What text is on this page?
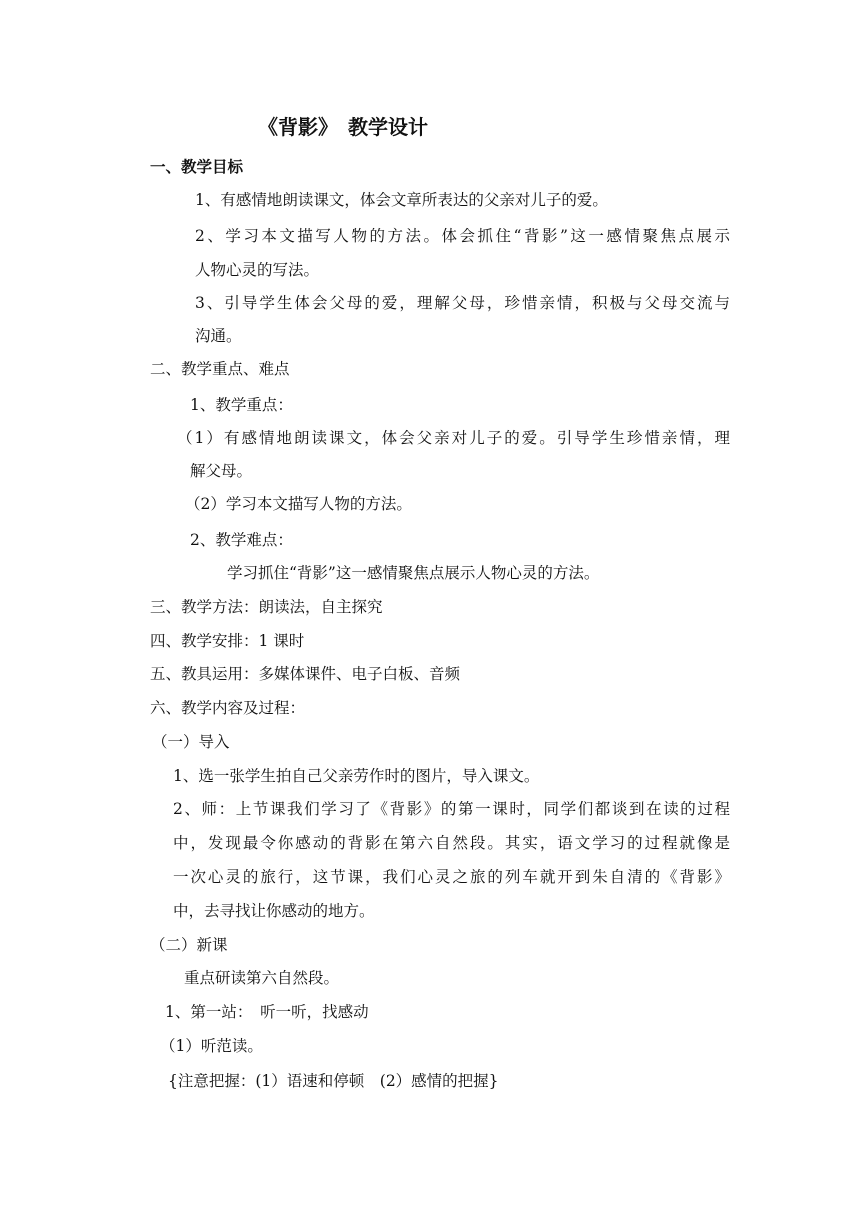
《背影》　教学设计
一、教学目标
1、有感情地朗读课文，体会文章所表达的父亲对儿子的爱。
2、学习本文描写人物的方法。体会抓住“背影”这一感情聚焦点展示
人物心灵的写法。
3、引导学生体会父母的爱，理解父母，珍惜亲情，积极与父母交流与
沟通。
二、教学重点、难点
1、教学重点：
（1）有感情地朗读课文，体会父亲对儿子的爱。引导学生珍惜亲情，理
解父母。
（2）学习本文描写人物的方法。
2、教学难点：
学习抓住“背影”这一感情聚焦点展示人物心灵的方法。
三、教学方法：朗读法，自主探究
四、教学安排：1 课时
五、教具运用：多媒体课件、电子白板、音频
六、教学内容及过程：
（一）导入
1、选一张学生拍自己父亲劳作时的图片，导入课文。
2、师：上节课我们学习了《背影》的第一课时，同学们都谈到在读的过程
中，发现最令你感动的背影在第六自然段。其实，语文学习的过程就像是
一次心灵的旅行，这节课，我们心灵之旅的列车就开到朱自清的《背影》
中，去寻找让你感动的地方。
（二）新课
重点研读第六自然段。
1、第一站：　听一听，找感动
（1）听范读。
{注意把握：(1）语速和停顿　(2）感情的把握}
